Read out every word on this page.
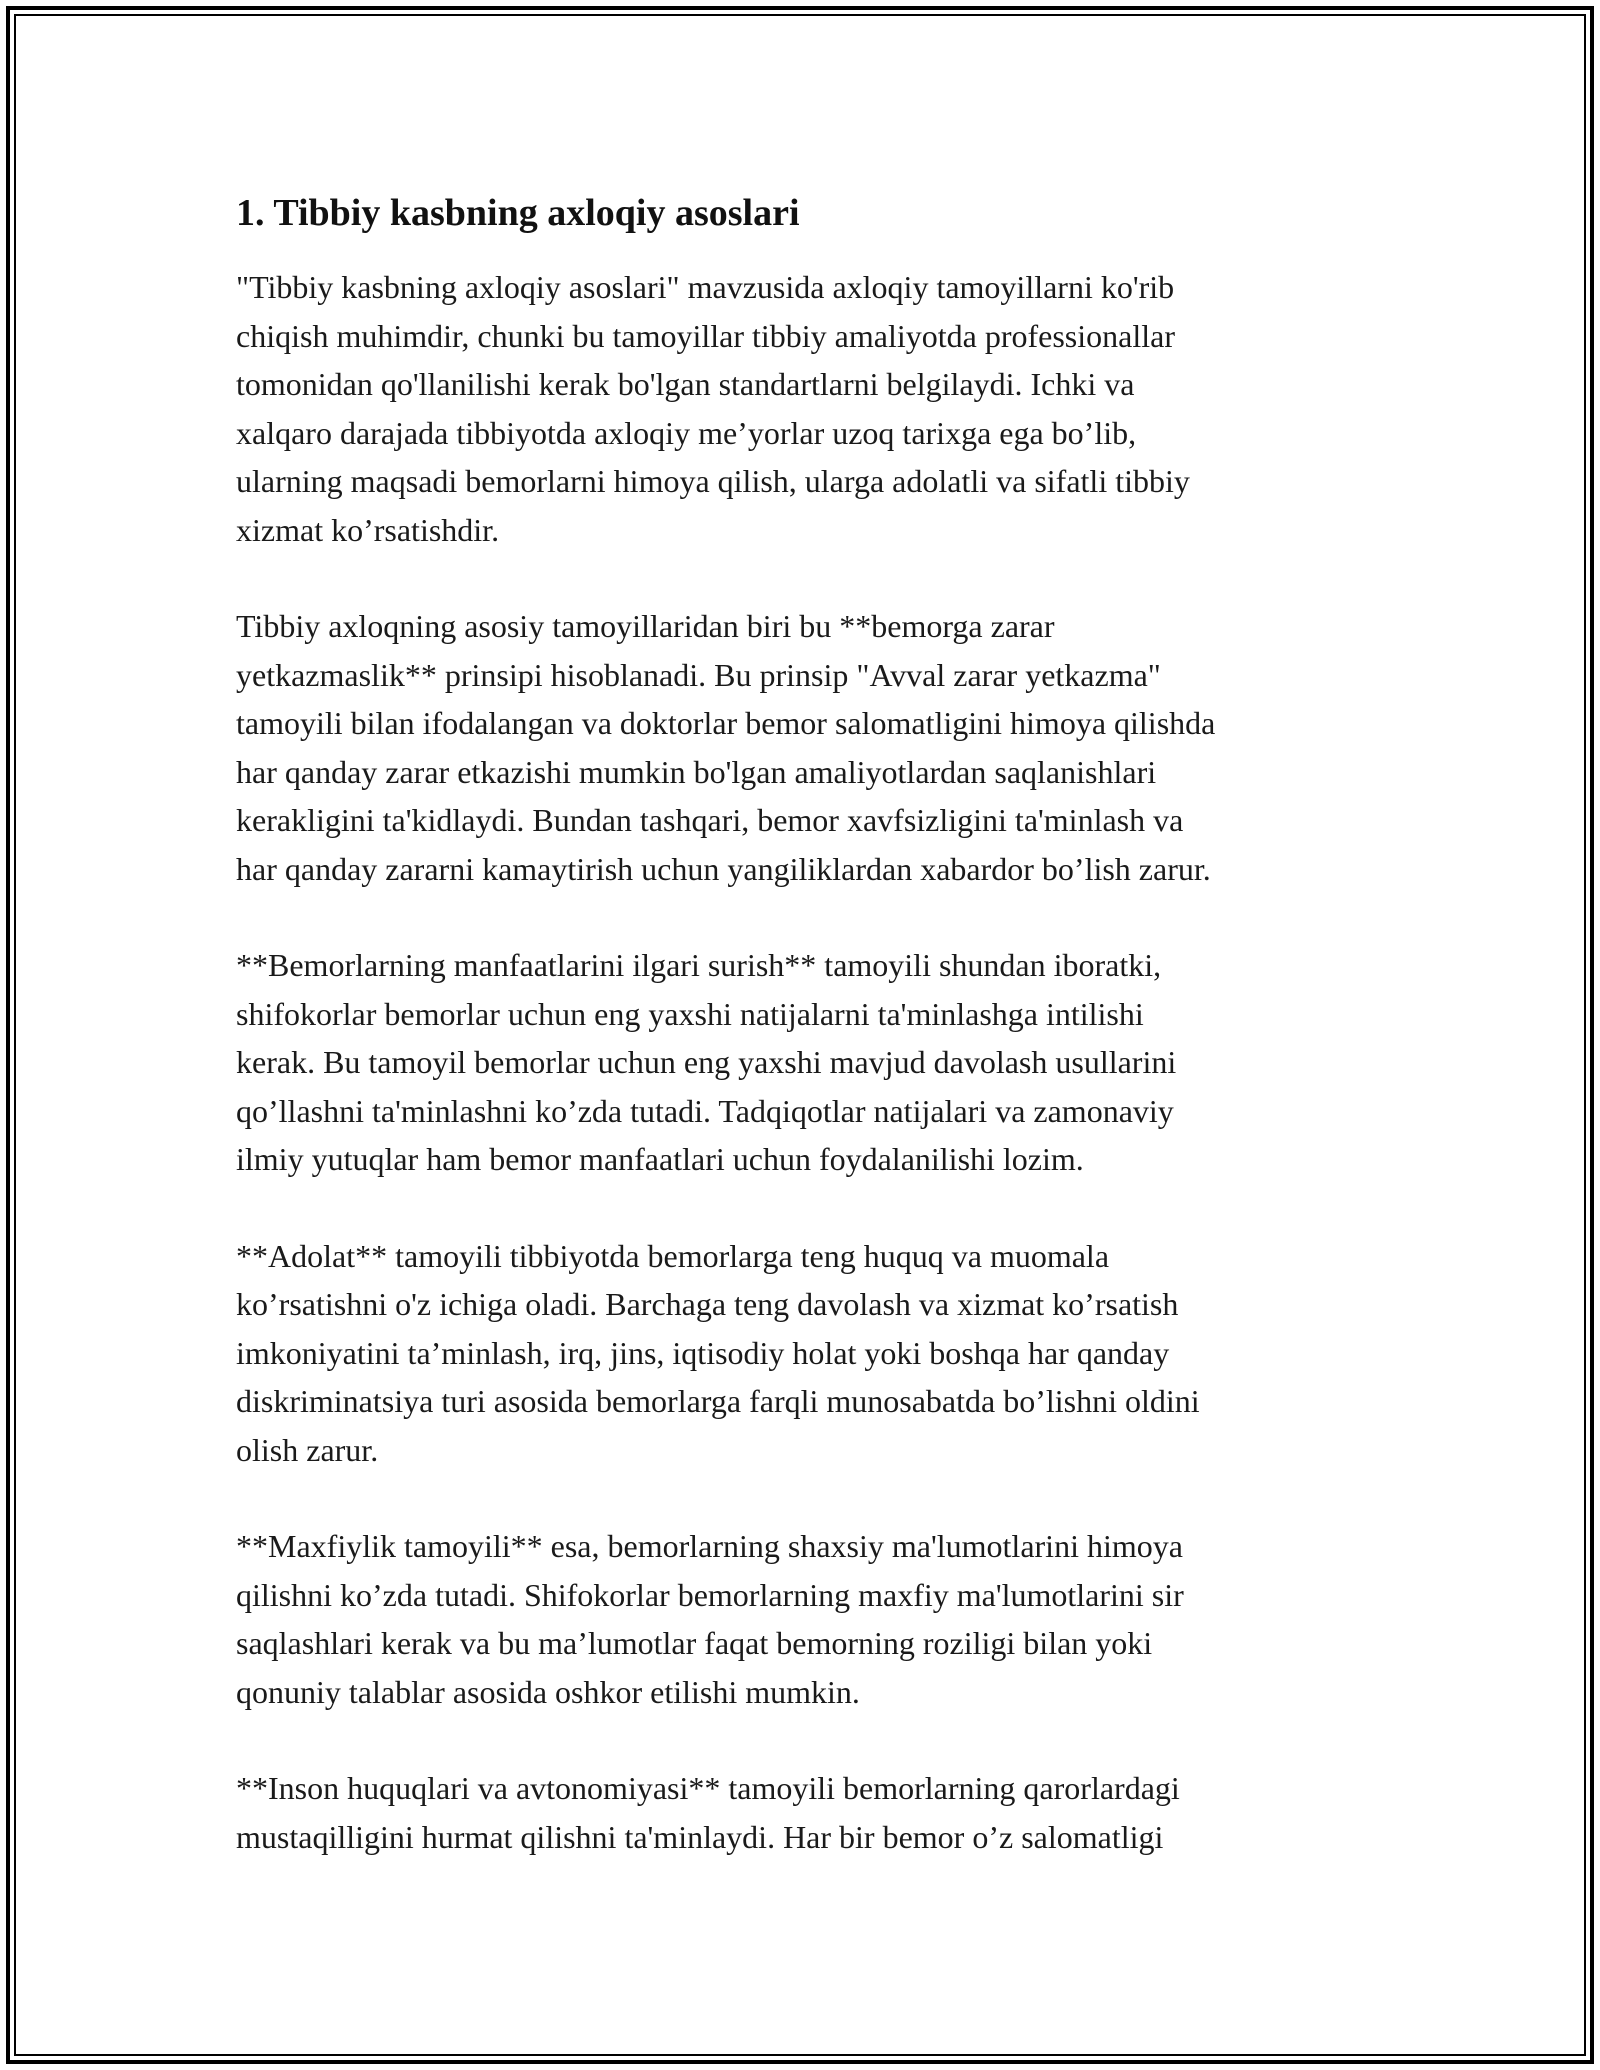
1. Tibbiy kasbning axloqiy asoslari

"Tibbiy kasbning axloqiy asoslari" mavzusida axloqiy tamoyillarni ko'rib
chiqish muhimdir, chunki bu tamoyillar tibbiy amaliyotda professionallar
tomonidan qo'llanilishi kerak bo'lgan standartlarni belgilaydi. Ichki va
xalqaro darajada tibbiyotda axloqiy me’yorlar uzoq tarixga ega bo’lib,
ularning maqsadi bemorlarni himoya qilish, ularga adolatli va sifatli tibbiy
xizmat ko’rsatishdir.

Tibbiy axloqning asosiy tamoyillaridan biri bu **bemorga zarar
yetkazmaslik** prinsipi hisoblanadi. Bu prinsip "Avval zarar yetkazma"
tamoyili bilan ifodalangan va doktorlar bemor salomatligini himoya qilishda
har qanday zarar etkazishi mumkin bo'lgan amaliyotlardan saqlanishlari
kerakligini ta'kidlaydi. Bundan tashqari, bemor xavfsizligini ta'minlash va
har qanday zararni kamaytirish uchun yangiliklardan xabardor bo’lish zarur.

**Bemorlarning manfaatlarini ilgari surish** tamoyili shundan iboratki,
shifokorlar bemorlar uchun eng yaxshi natijalarni ta'minlashga intilishi
kerak. Bu tamoyil bemorlar uchun eng yaxshi mavjud davolash usullarini
qo’llashni ta'minlashni ko’zda tutadi. Tadqiqotlar natijalari va zamonaviy
ilmiy yutuqlar ham bemor manfaatlari uchun foydalanilishi lozim.

**Adolat** tamoyili tibbiyotda bemorlarga teng huquq va muomala
ko’rsatishni o'z ichiga oladi. Barchaga teng davolash va xizmat ko’rsatish
imkoniyatini ta’minlash, irq, jins, iqtisodiy holat yoki boshqa har qanday
diskriminatsiya turi asosida bemorlarga farqli munosabatda bo’lishni oldini
olish zarur.

**Maxfiylik tamoyili** esa, bemorlarning shaxsiy ma'lumotlarini himoya
qilishni ko’zda tutadi. Shifokorlar bemorlarning maxfiy ma'lumotlarini sir
saqlashlari kerak va bu ma’lumotlar faqat bemorning roziligi bilan yoki
qonuniy talablar asosida oshkor etilishi mumkin.

**Inson huquqlari va avtonomiyasi** tamoyili bemorlarning qarorlardagi
mustaqilligini hurmat qilishni ta'minlaydi. Har bir bemor o’z salomatligi
